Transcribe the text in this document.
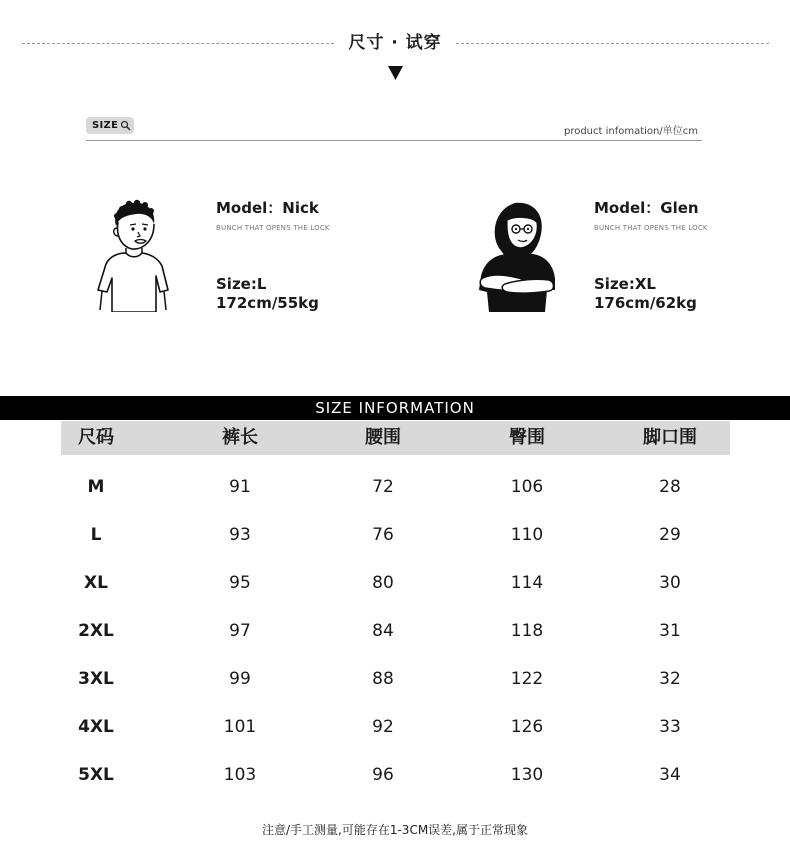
尺寸 · 试穿
SIZE
product infomation/单位cm
Model：Nick
BUNCH THAT OPENS THE LOCK
Size:L
172cm/55kg
Model：Glen
BUNCH THAT OPENS THE LOCK
Size:XL
176cm/62kg
SIZE INFORMATION
尺码	裤长	腰围	臀围	脚口围
M	91	72	106	28
L	93	76	110	29
XL	95	80	114	30
2XL	97	84	118	31
3XL	99	88	122	32
4XL	101	92	126	33
5XL	103	96	130	34
注意/手工测量,可能存在1-3CM误差,属于正常现象
